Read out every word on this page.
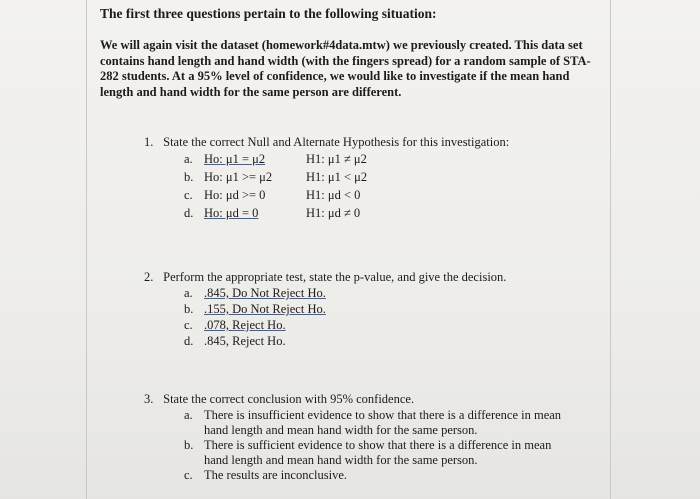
The first three questions pertain to the following situation:
We will again visit the dataset (homework#4data.mtw) we previously created. This data set contains hand length and hand width (with the fingers spread) for a random sample of STA-282 students. At a 95% level of confidence, we would like to investigate if the mean hand length and hand width for the same person are different.
1. State the correct Null and Alternate Hypothesis for this investigation:
a. Ho: μ1 = μ2	H1: μ1 ≠ μ2
b. Ho: μ1 >= μ2	H1: μ1 < μ2
c. Ho: μd >= 0	H1: μd < 0
d. Ho: μd = 0	H1: μd ≠ 0
2. Perform the appropriate test, state the p-value, and give the decision.
a. .845, Do Not Reject Ho.
b. .155, Do Not Reject Ho.
c. .078, Reject Ho.
d. .845, Reject Ho.
3. State the correct conclusion with 95% confidence.
a. There is insufficient evidence to show that there is a difference in mean hand length and mean hand width for the same person.
b. There is sufficient evidence to show that there is a difference in mean hand length and mean hand width for the same person.
c. The results are inconclusive.
